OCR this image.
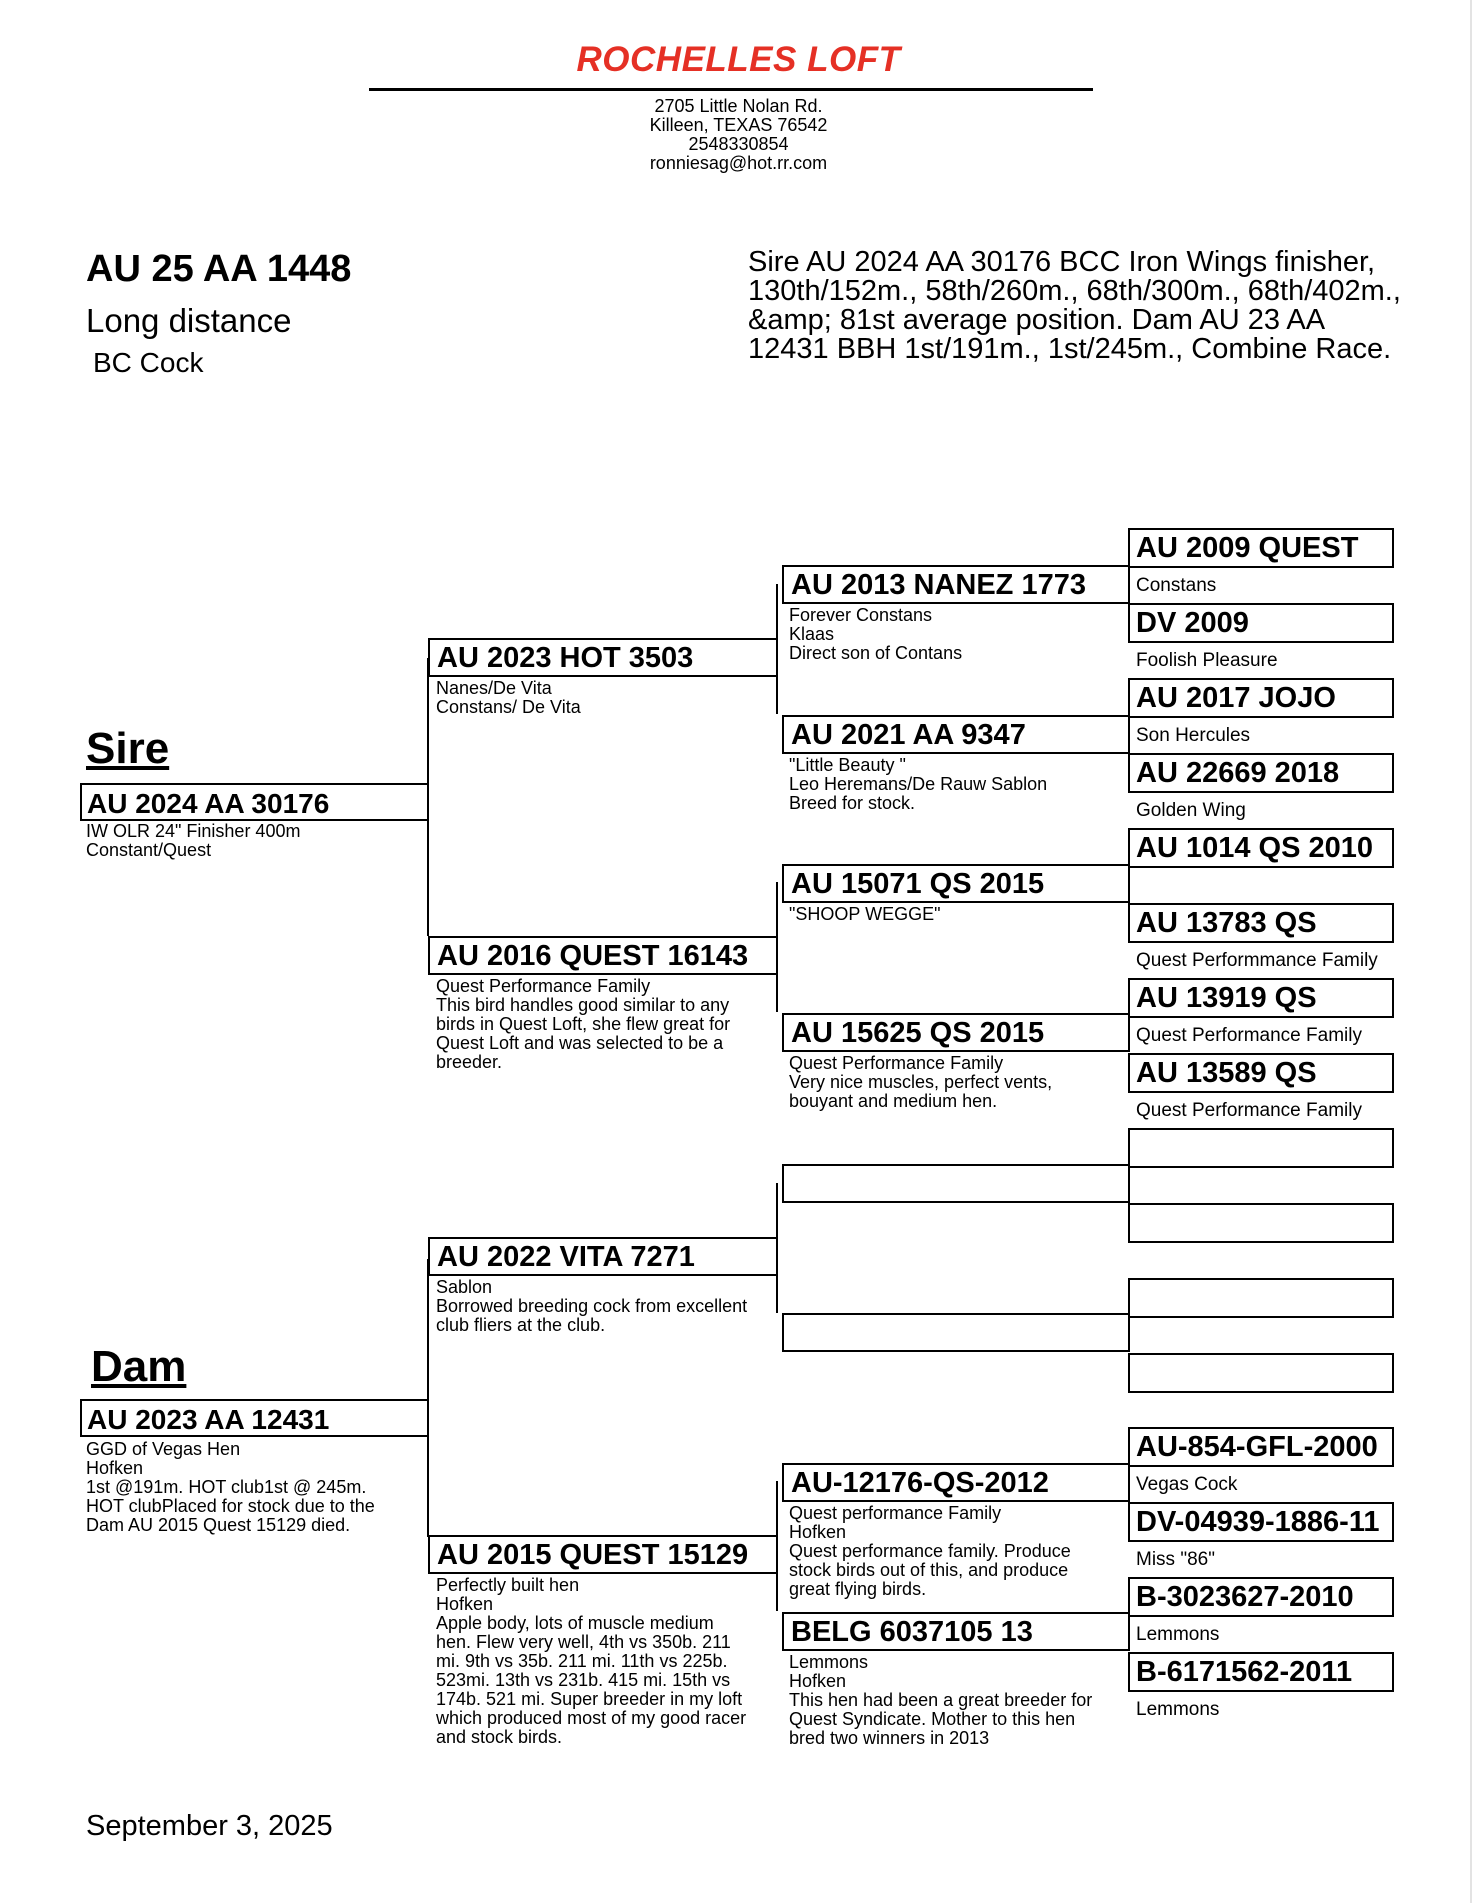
ROCHELLES LOFT
2705 Little Nolan Rd.
Killeen, TEXAS 76542
2548330854
ronniesag@hot.rr.com
AU 25 AA 1448
Long distance
BC Cock
Sire AU 2024 AA 30176 BCC Iron Wings finisher, 130th/152m., 58th/260m., 68th/300m., 68th/402m., &amp; 81st average position. Dam AU 23 AA 12431 BBH 1st/191m., 1st/245m., Combine Race.
Sire
AU 2024 AA 30176
IW OLR 24" Finisher 400m
Constant/Quest
Dam
AU 2023 AA 12431
GGD of Vegas Hen
Hofken
1st @191m. HOT club1st @ 245m.
HOT clubPlaced for stock due to the
Dam AU 2015 Quest 15129 died.
AU 2023 HOT 3503
Nanes/De Vita
Constans/ De Vita
AU 2016 QUEST 16143
Quest Performance Family
This bird handles good similar to any
birds in Quest Loft, she flew great for
Quest Loft and was selected to be a
breeder.
AU 2022 VITA 7271
Sablon
Borrowed breeding cock from excellent
club fliers at the club.
AU 2015 QUEST 15129
Perfectly built hen
Hofken
Apple body, lots of muscle medium
hen. Flew very well, 4th vs 350b. 211
mi. 9th vs 35b. 211 mi. 11th vs 225b.
523mi. 13th vs 231b. 415 mi. 15th vs
174b. 521 mi. Super breeder in my loft
which produced most of my good racer
and stock birds.
AU 2013 NANEZ 1773
Forever Constans
Klaas
Direct son of Contans
AU 2021 AA 9347
"Little Beauty "
Leo Heremans/De Rauw Sablon
Breed for stock.
AU 15071 QS 2015
"SHOOP WEGGE"
AU 15625 QS 2015
Quest Performance Family
Very nice muscles, perfect vents,
bouyant and medium hen.
AU-12176-QS-2012
Quest performance Family
Hofken
Quest performance family. Produce
stock birds out of this, and produce
great flying birds.
BELG 6037105 13
Lemmons
Hofken
This hen had been a great breeder for
Quest Syndicate. Mother to this hen
bred two winners in 2013
AU 2009 QUEST
Constans
DV 2009
Foolish Pleasure
AU 2017 JOJO
Son Hercules
AU 22669 2018
Golden Wing
AU 1014 QS 2010
AU 13783 QS
Quest Performmance Family
AU 13919 QS
Quest Performance Family
AU 13589 QS
Quest Performance Family
AU-854-GFL-2000
Vegas Cock
DV-04939-1886-11
Miss "86"
B-3023627-2010
Lemmons
B-6171562-2011
Lemmons
September 3, 2025
